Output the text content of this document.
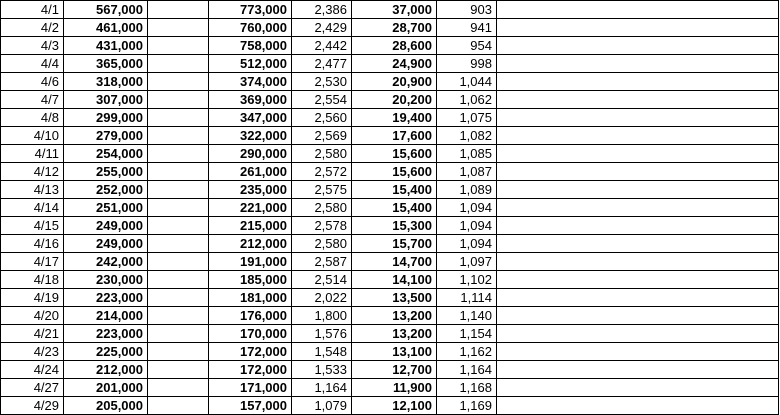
4/1	567,000		773,000	2,386	37,000	903	
4/2	461,000		760,000	2,429	28,700	941	
4/3	431,000		758,000	2,442	28,600	954	
4/4	365,000		512,000	2,477	24,900	998	
4/6	318,000		374,000	2,530	20,900	1,044	
4/7	307,000		369,000	2,554	20,200	1,062	
4/8	299,000		347,000	2,560	19,400	1,075	
4/10	279,000		322,000	2,569	17,600	1,082	
4/11	254,000		290,000	2,580	15,600	1,085	
4/12	255,000		261,000	2,572	15,600	1,087	
4/13	252,000		235,000	2,575	15,400	1,089	
4/14	251,000		221,000	2,580	15,400	1,094	
4/15	249,000		215,000	2,578	15,300	1,094	
4/16	249,000		212,000	2,580	15,700	1,094	
4/17	242,000		191,000	2,587	14,700	1,097	
4/18	230,000		185,000	2,514	14,100	1,102	
4/19	223,000		181,000	2,022	13,500	1,114	
4/20	214,000		176,000	1,800	13,200	1,140	
4/21	223,000		170,000	1,576	13,200	1,154	
4/23	225,000		172,000	1,548	13,100	1,162	
4/24	212,000		172,000	1,533	12,700	1,164	
4/27	201,000		171,000	1,164	11,900	1,168	
4/29	205,000		157,000	1,079	12,100	1,169	
